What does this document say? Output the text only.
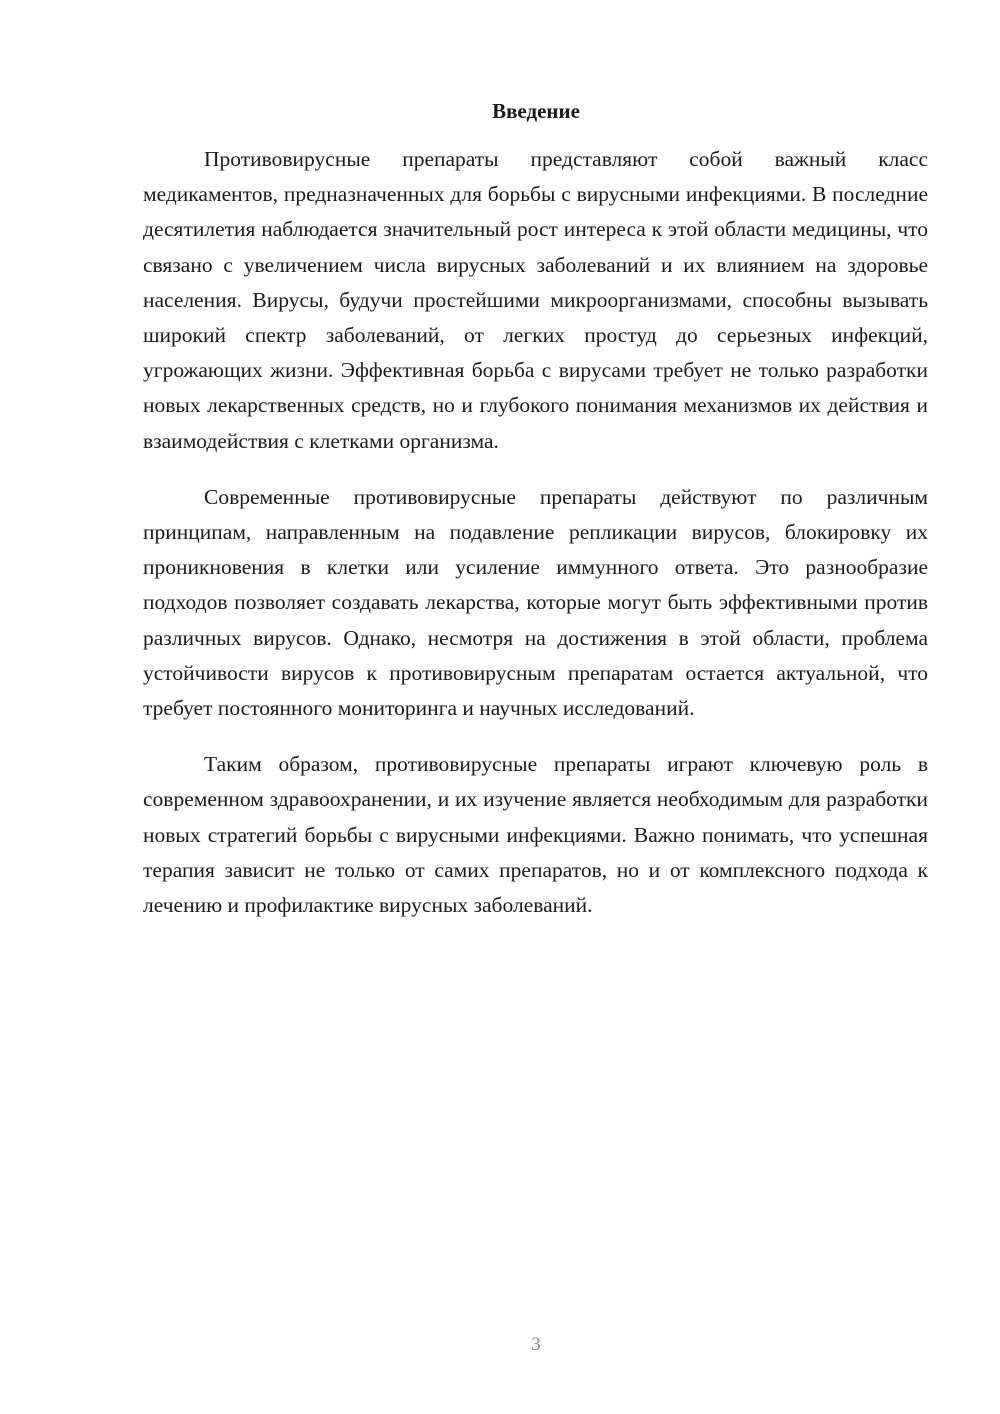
Введение

Противовирусные препараты представляют собой важный класс медикаментов, предназначенных для борьбы с вирусными инфекциями. В последние десятилетия наблюдается значительный рост интереса к этой области медицины, что связано с увеличением числа вирусных заболеваний и их влиянием на здоровье населения. Вирусы, будучи простейшими микроорганизмами, способны вызывать широкий спектр заболеваний, от легких простуд до серьезных инфекций, угрожающих жизни. Эффективная борьба с вирусами требует не только разработки новых лекарственных средств, но и глубокого понимания механизмов их действия и взаимодействия с клетками организма.

Современные противовирусные препараты действуют по различным принципам, направленным на подавление репликации вирусов, блокировку их проникновения в клетки или усиление иммунного ответа. Это разнообразие подходов позволяет создавать лекарства, которые могут быть эффективными против различных вирусов. Однако, несмотря на достижения в этой области, проблема устойчивости вирусов к противовирусным препаратам остается актуальной, что требует постоянного мониторинга и научных исследований.

Таким образом, противовирусные препараты играют ключевую роль в современном здравоохранении, и их изучение является необходимым для разработки новых стратегий борьбы с вирусными инфекциями. Важно понимать, что успешная терапия зависит не только от самих препаратов, но и от комплексного подхода к лечению и профилактике вирусных заболеваний.

3
